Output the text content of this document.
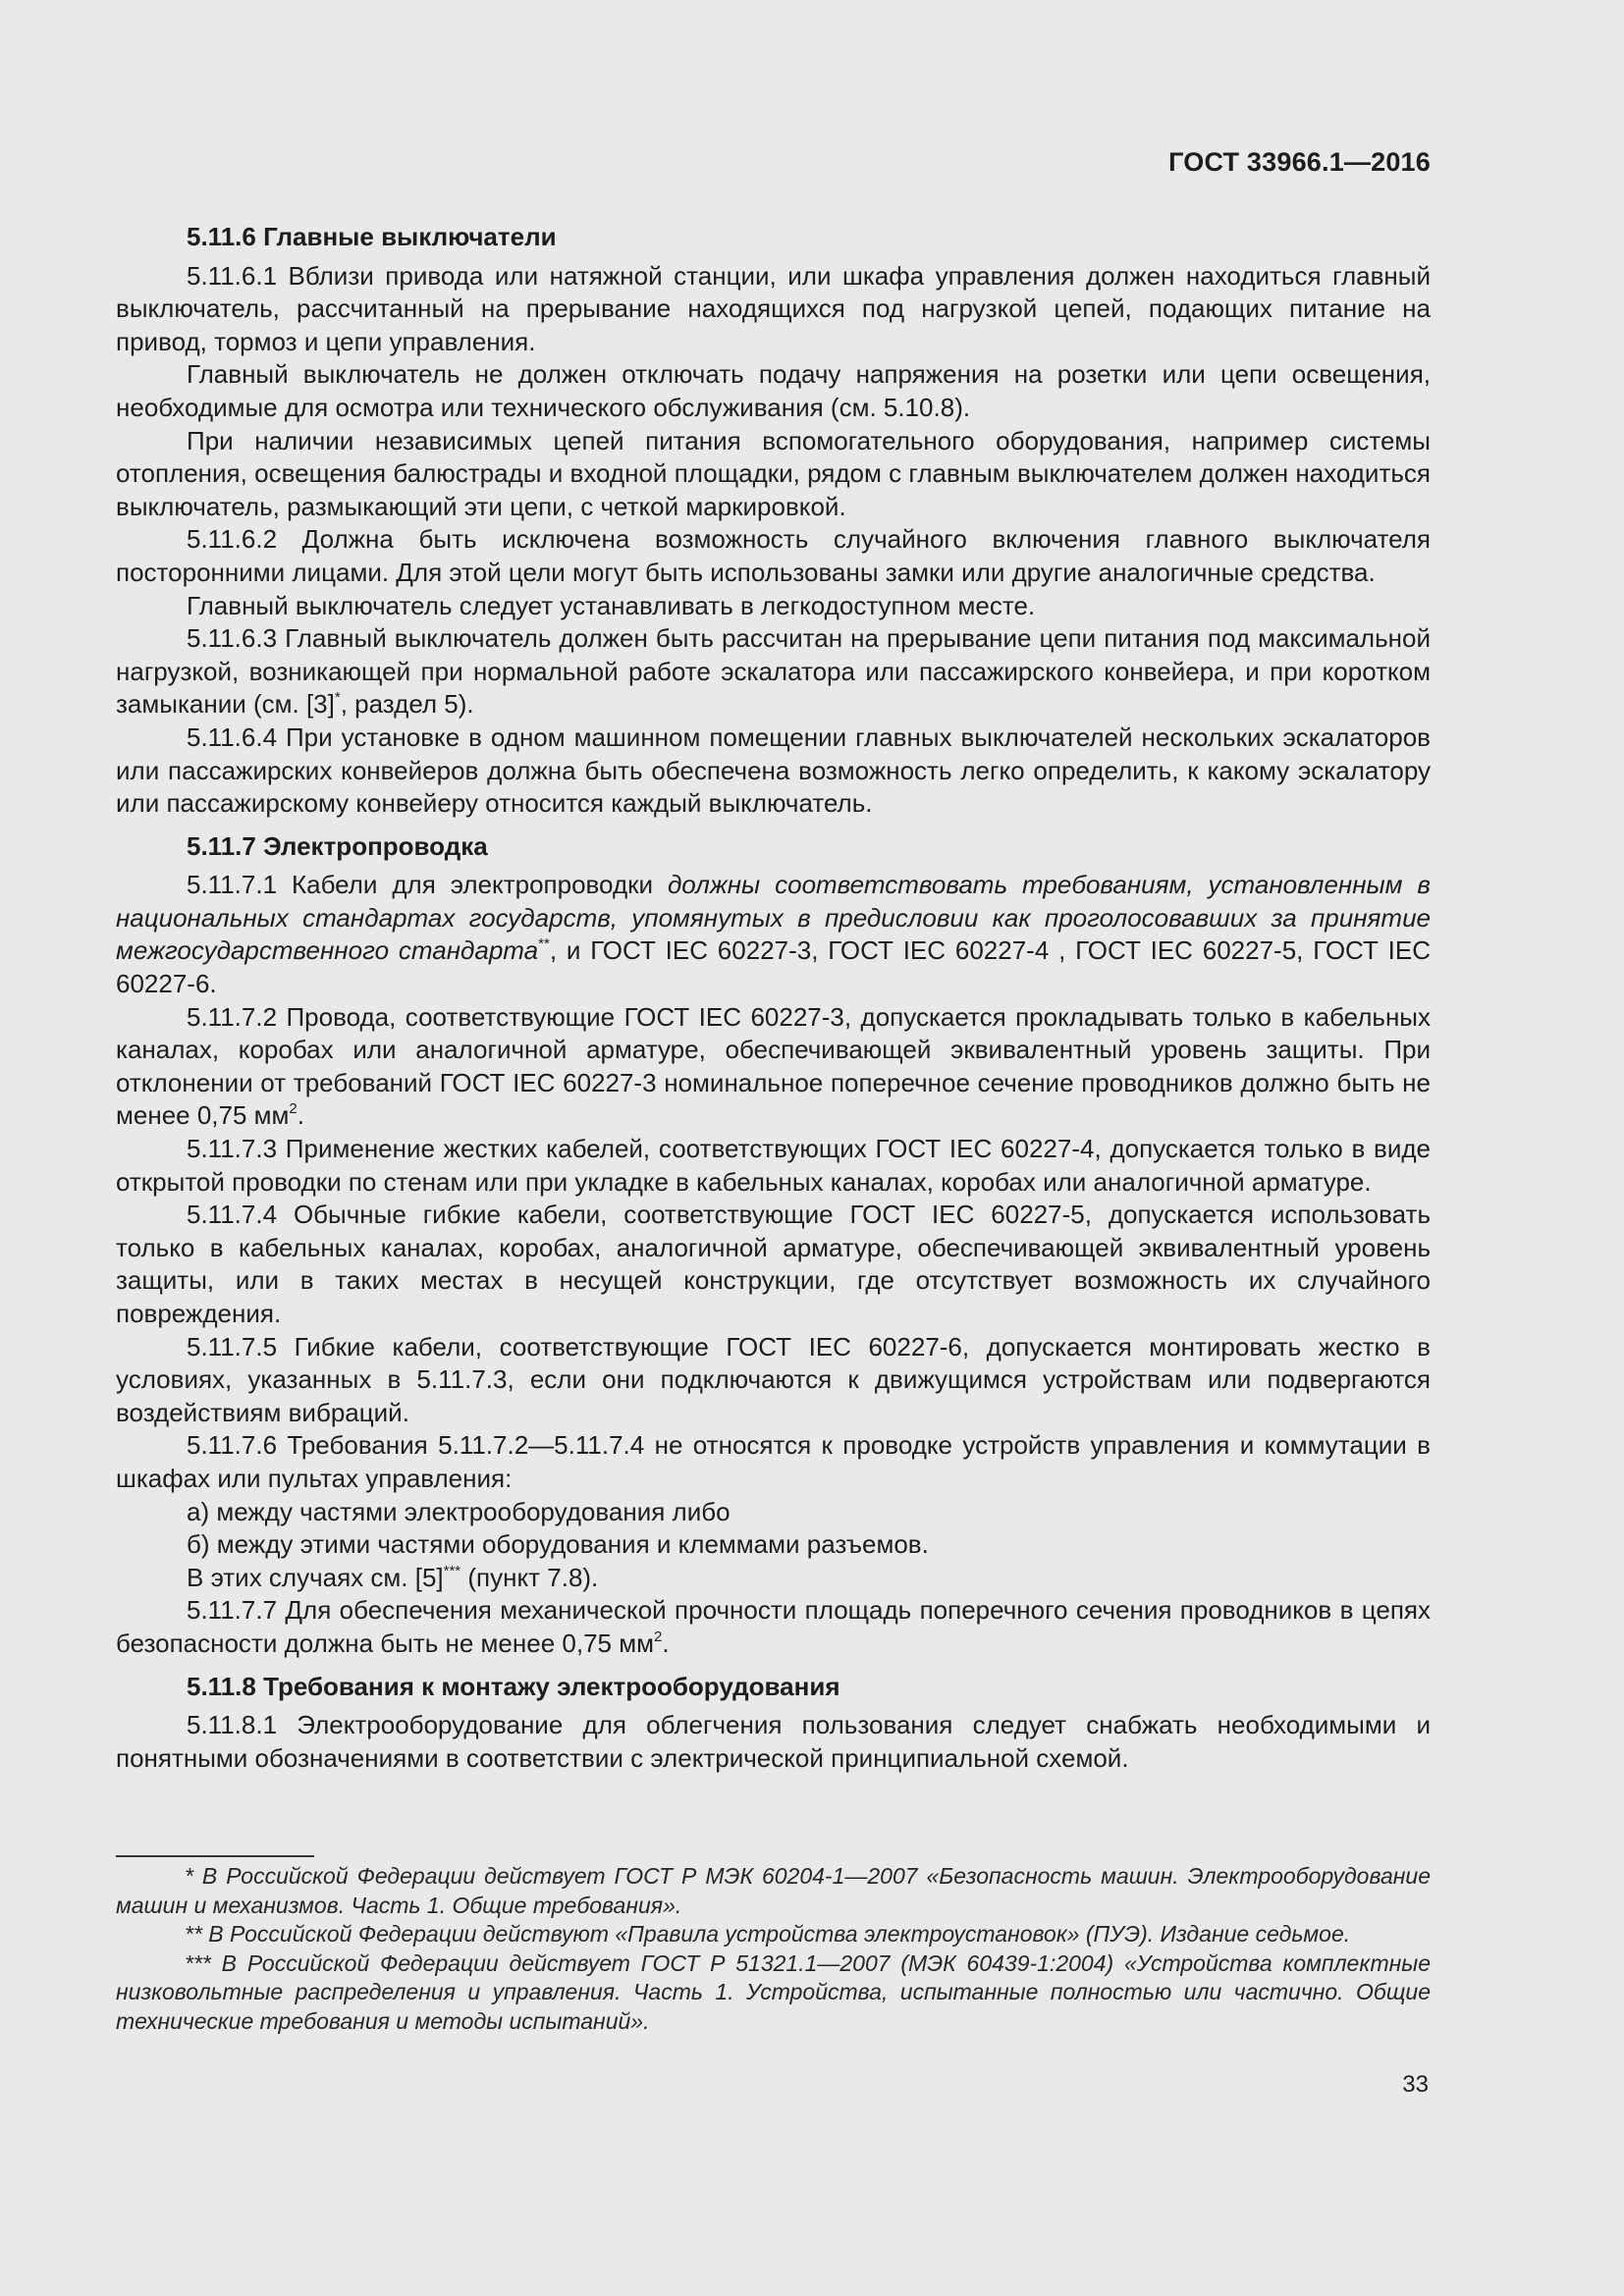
ГОСТ 33966.1—2016
5.11.6 Главные выключатели

5.11.6.1 Вблизи привода или натяжной станции, или шкафа управления должен находиться главный выключатель, рассчитанный на прерывание находящихся под нагрузкой цепей, подающих питание на привод, тормоз и цепи управления.

Главный выключатель не должен отключать подачу напряжения на розетки или цепи освещения, необходимые для осмотра или технического обслуживания (см. 5.10.8).

При наличии независимых цепей питания вспомогательного оборудования, например системы отопления, освещения балюстрады и входной площадки, рядом с главным выключателем должен находиться выключатель, размыкающий эти цепи, с четкой маркировкой.

5.11.6.2 Должна быть исключена возможность случайного включения главного выключателя посторонними лицами. Для этой цели могут быть использованы замки или другие аналогичные средства.

Главный выключатель следует устанавливать в легкодоступном месте.

5.11.6.3 Главный выключатель должен быть рассчитан на прерывание цепи питания под максимальной нагрузкой, возникающей при нормальной работе эскалатора или пассажирского конвейера, и при коротком замыкании (см. [3]*, раздел 5).

5.11.6.4 При установке в одном машинном помещении главных выключателей нескольких эскалаторов или пассажирских конвейеров должна быть обеспечена возможность легко определить, к какому эскалатору или пассажирскому конвейеру относится каждый выключатель.

5.11.7 Электропроводка

5.11.7.1 Кабели для электропроводки должны соответствовать требованиям, установленным в национальных стандартах государств, упомянутых в предисловии как проголосовавших за принятие межгосударственного стандарта**, и ГОСТ IEC 60227-3, ГОСТ IEC 60227-4 , ГОСТ IEC 60227-5, ГОСТ IEC 60227-6.

5.11.7.2 Провода, соответствующие ГОСТ IEC 60227-3, допускается прокладывать только в кабельных каналах, коробах или аналогичной арматуре, обеспечивающей эквивалентный уровень защиты. При отклонении от требований ГОСТ IEC 60227-3 номинальное поперечное сечение проводников должно быть не менее 0,75 $мм^2$.

5.11.7.3 Применение жестких кабелей, соответствующих ГОСТ IEC 60227-4, допускается только в виде открытой проводки по стенам или при укладке в кабельных каналах, коробах или аналогичной арматуре.

5.11.7.4 Обычные гибкие кабели, соответствующие ГОСТ IEC 60227-5, допускается использовать только в кабельных каналах, коробах, аналогичной арматуре, обеспечивающей эквивалентный уровень защиты, или в таких местах в несущей конструкции, где отсутствует возможность их случайного повреждения.

5.11.7.5 Гибкие кабели, соответствующие ГОСТ IEC 60227-6, допускается монтировать жестко в условиях, указанных в 5.11.7.3, если они подключаются к движущимся устройствам или подвергаются воздействиям вибраций.

5.11.7.6 Требования 5.11.7.2—5.11.7.4 не относятся к проводке устройств управления и коммутации в шкафах или пультах управления:

а) между частями электрооборудования либо

б) между этими частями оборудования и клеммами разъемов.

В этих случаях см. [5]*** (пункт 7.8).

5.11.7.7 Для обеспечения механической прочности площадь поперечного сечения проводников в цепях безопасности должна быть не менее 0,75 $мм^2$.

5.11.8 Требования к монтажу электрооборудования

5.11.8.1 Электрооборудование для облегчения пользования следует снабжать необходимыми и понятными обозначениями в соответствии с электрической принципиальной схемой.

* В Российской Федерации действует ГОСТ Р МЭК 60204-1—2007 «Безопасность машин. Электрооборудование машин и механизмов. Часть 1. Общие требования».

** В Российской Федерации действуют «Правила устройства электроустановок» (ПУЭ). Издание седьмое.

*** В Российской Федерации действует ГОСТ Р 51321.1—2007 (МЭК 60439-1:2004) «Устройства комплектные низковольтные распределения и управления. Часть 1. Устройства, испытанные полностью или частично. Общие технические требования и методы испытаний».

33
